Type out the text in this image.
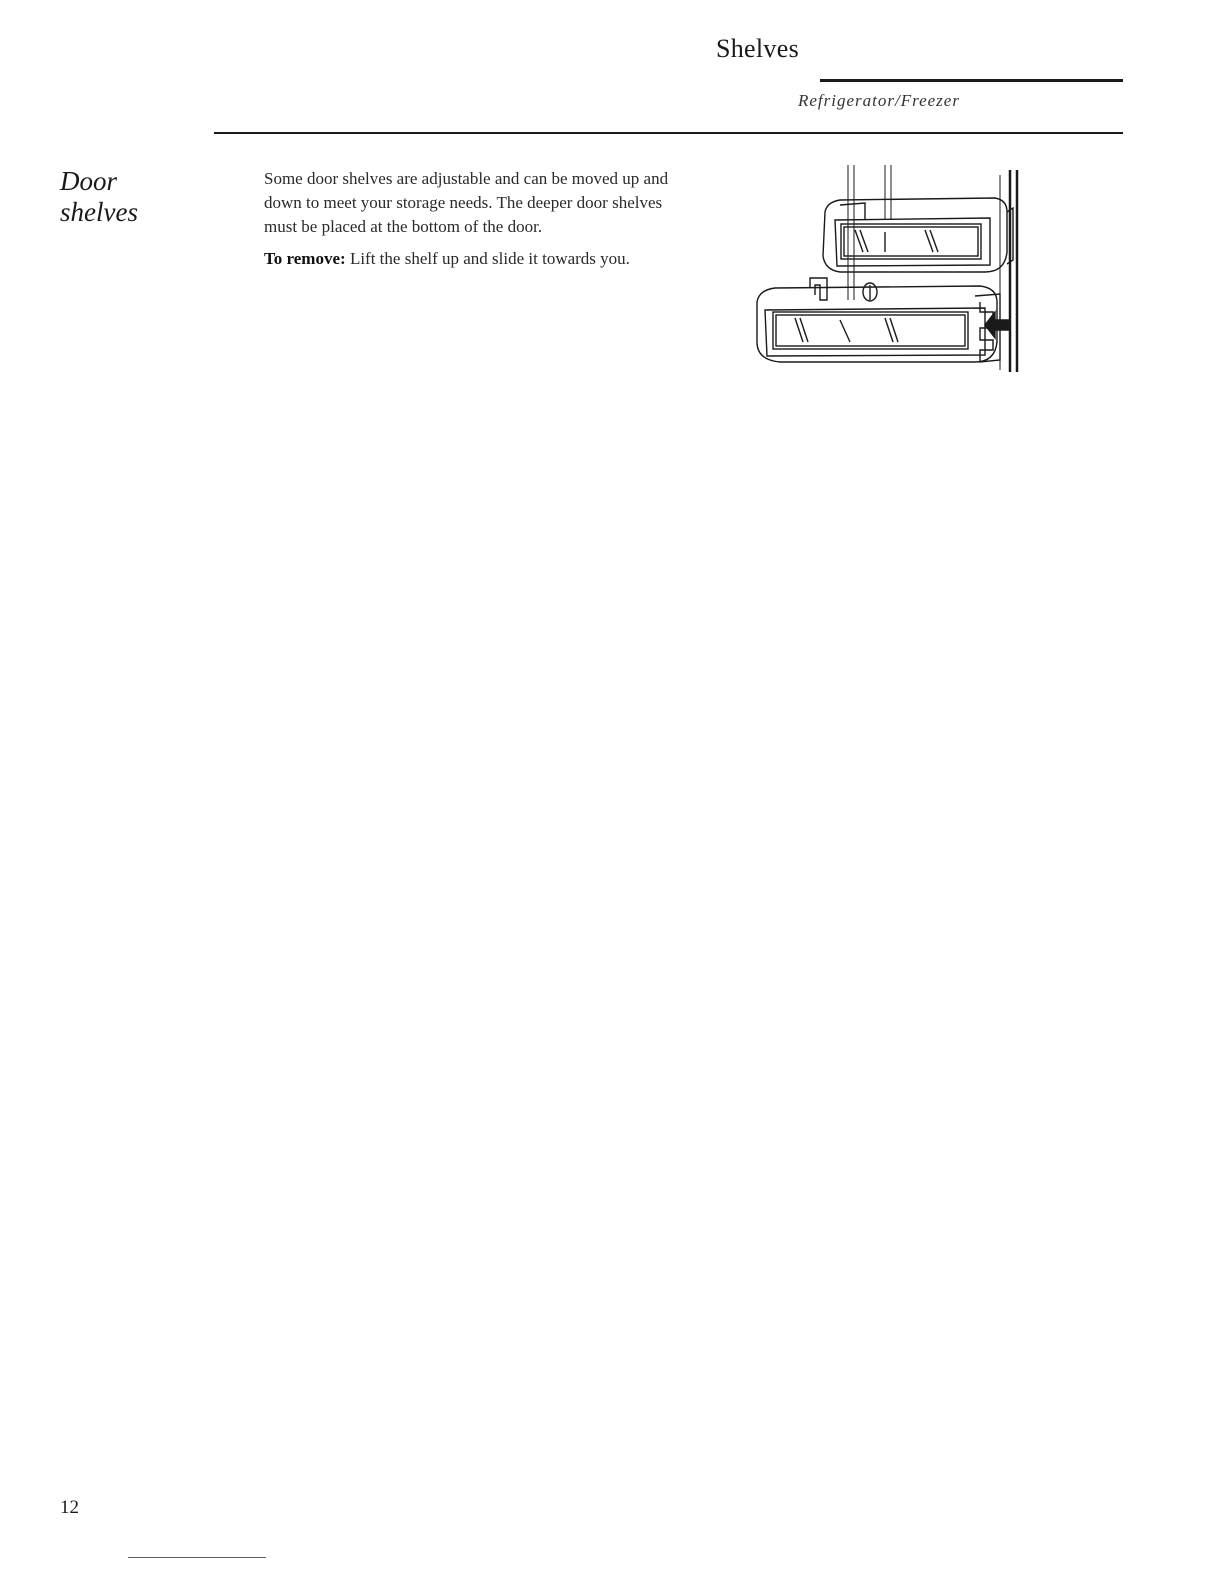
Shelves
Refrigerator/Freezer
Door
shelves

Some door shelves are adjustable and can be moved up and down to meet your storage needs. The deeper door shelves must be placed at the bottom of the door.

To remove: Lift the shelf up and slide it towards you.

12
